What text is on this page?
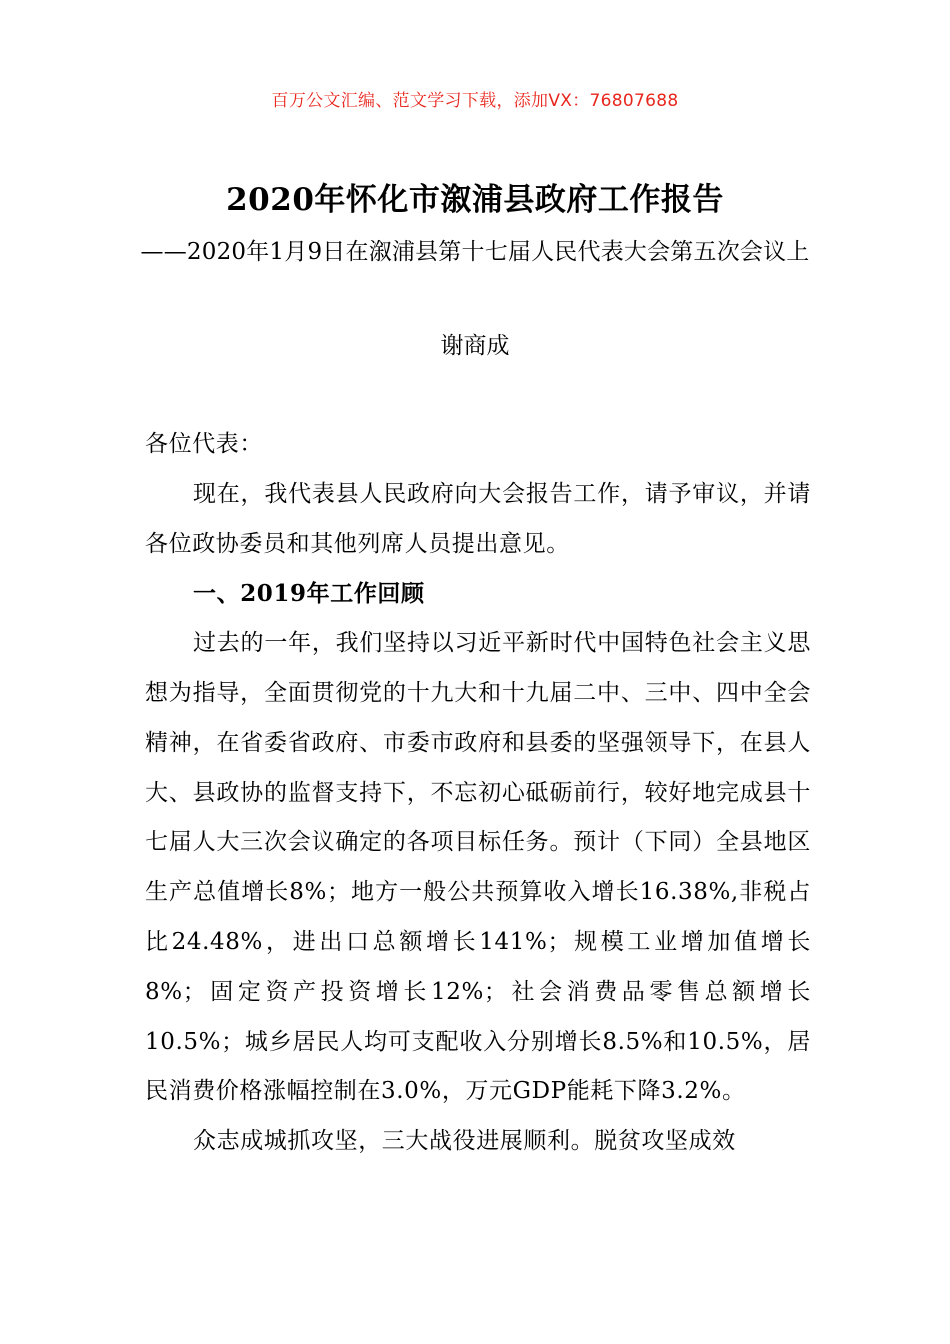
百万公文汇编、范文学习下载，添加VX：76807688
2020年怀化市溆浦县政府工作报告
——2020年1月9日在溆浦县第十七届人民代表大会第五次会议上
谢商成

各位代表：

现在，我代表县人民政府向大会报告工作，请予审议，并请各位政协委员和其他列席人员提出意见。

一、2019年工作回顾

过去的一年，我们坚持以习近平新时代中国特色社会主义思想为指导，全面贯彻党的十九大和十九届二中、三中、四中全会精神，在省委省政府、市委市政府和县委的坚强领导下，在县人大、县政协的监督支持下，不忘初心砥砺前行，较好地完成县十七届人大三次会议确定的各项目标任务。预计（下同）全县地区生产总值增长8%；地方一般公共预算收入增长16.38%,非税占比24.48%，进出口总额增长141%；规模工业增加值增长8%；固定资产投资增长12%；社会消费品零售总额增长10.5%；城乡居民人均可支配收入分别增长8.5%和10.5%，居民消费价格涨幅控制在3.0%，万元GDP能耗下降3.2%。

众志成城抓攻坚，三大战役进展顺利。脱贫攻坚成效
